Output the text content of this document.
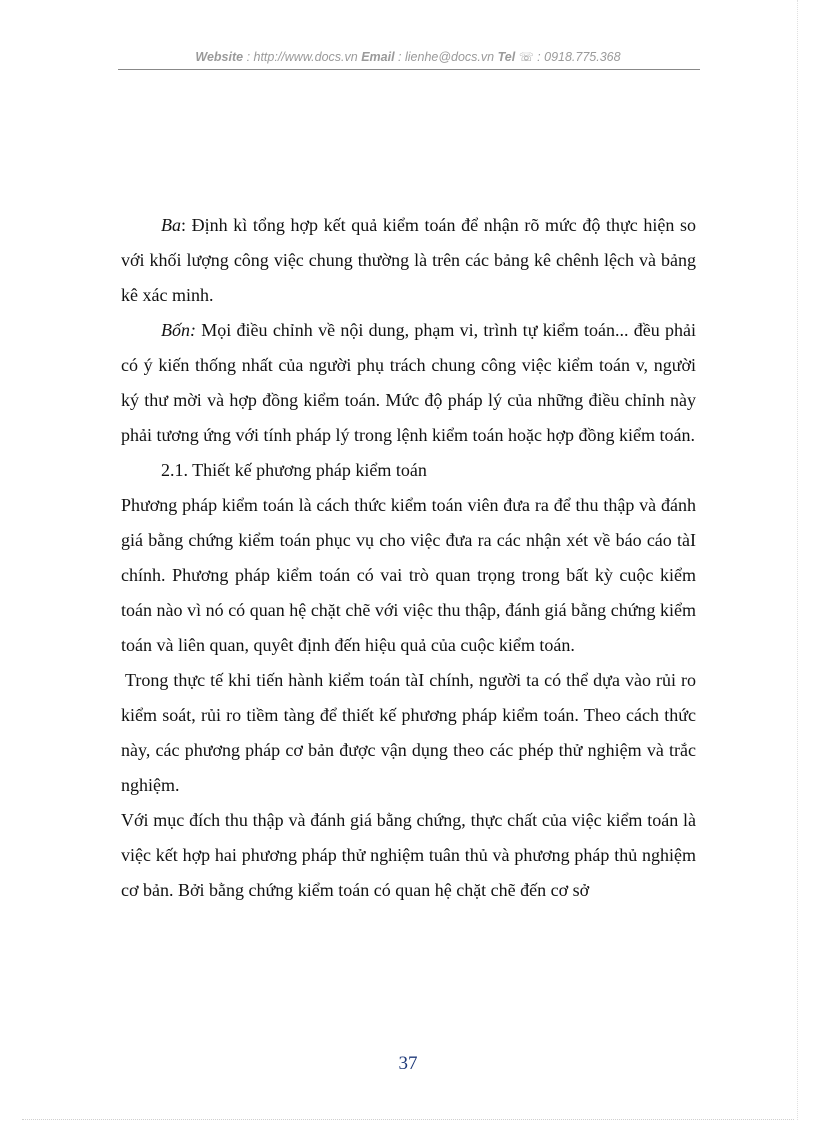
Website : http://www.docs.vn Email : lienhe@docs.vn Tel ☏ : 0918.775.368

Ba: Định kì tổng hợp kết quả kiểm toán để nhận rõ mức độ thực hiện so với khối lượng công việc chung thường là trên các bảng kê chênh lệch và bảng kê xác minh.

Bốn: Mọi điều chỉnh về nội dung, phạm vi, trình tự kiểm toán... đều phải có ý kiến thống nhất của người phụ trách chung công việc kiểm toán v, người ký thư mời và hợp đồng kiểm toán. Mức độ pháp lý của những điều chỉnh này phải tương ứng với tính pháp lý trong lệnh kiểm toán hoặc hợp đồng kiểm toán.

2.1. Thiết kế phương pháp kiểm toán

Phương pháp kiểm toán là cách thức kiểm toán viên đưa ra để thu thập và đánh giá bằng chứng kiểm toán phục vụ cho việc đưa ra các nhận xét về báo cáo tàI chính. Phương pháp kiểm toán có vai trò quan trọng trong bất kỳ cuộc kiểm toán nào vì nó có quan hệ chặt chẽ với việc thu thập, đánh giá bằng chứng kiểm toán và liên quan, quyêt định đến hiệu quả của cuộc kiểm toán.

Trong thực tế khi tiến hành kiểm toán tàI chính, người ta có thể dựa vào rủi ro kiểm soát, rủi ro tiềm tàng để thiết kế phương pháp kiểm toán. Theo cách thức này, các phương pháp cơ bản được vận dụng theo các phép thử nghiệm và trắc nghiệm.

Với mục đích thu thập và đánh giá bằng chứng, thực chất của việc kiểm toán là việc kết hợp hai phương pháp thử nghiệm tuân thủ và phương pháp thủ nghiệm cơ bản. Bởi bằng chứng kiểm toán có quan hệ chặt chẽ đến cơ sở

37
